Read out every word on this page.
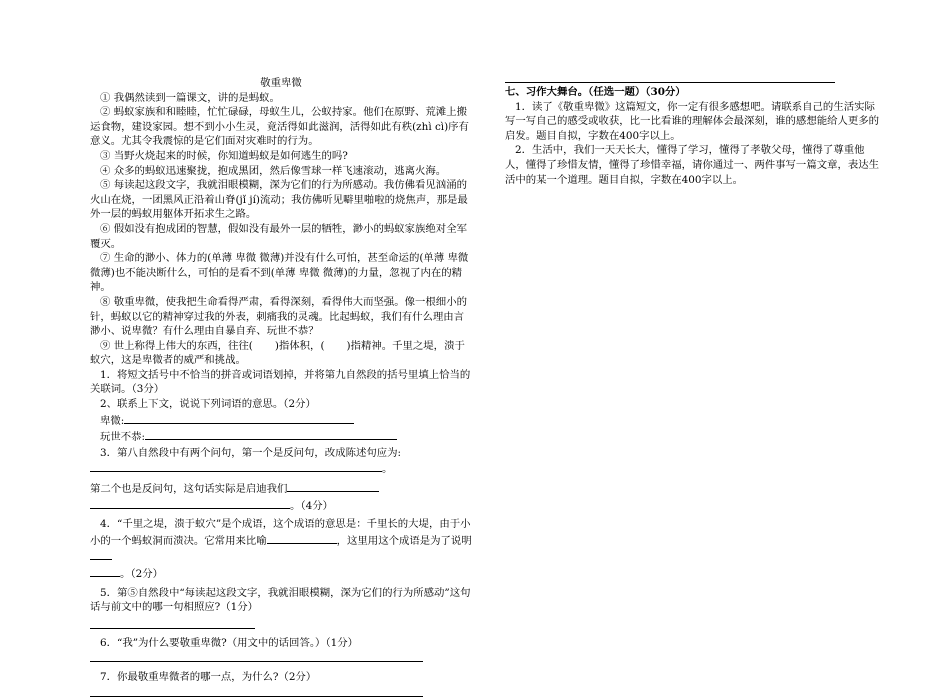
敬重卑微

① 我偶然读到一篇课文，讲的是蚂蚁。

② 蚂蚁家族和和睦睦，忙忙碌碌，母蚁生儿，公蚁持家。他们在原野、荒滩上搬运食物，建设家园。想不到小小生灵，竟活得如此滋润，活得如此有秩(zhì cì)序有意义。尤其令我震惊的是它们面对灾难时的行为。

③ 当野火烧起来的时候，你知道蚂蚁是如何逃生的吗?

④ 众多的蚂蚁迅速聚拢，抱成黑团，然后像雪球一样飞速滚动，逃离火海。

⑤ 每读起这段文字，我就泪眼模糊，深为它们的行为所感动。我仿佛看见汹涌的火山在烧，一团黑风正沿着山脊(jǐ jí)流动；我仿佛听见噼里啪啦的烧焦声，那是最外一层的蚂蚁用躯体开拓求生之路。

⑥ 假如没有抱成团的智慧，假如没有最外一层的牺牲，渺小的蚂蚁家族绝对全军覆灭。

⑦ 生命的渺小、体力的(单薄 卑微 微薄)并没有什么可怕，甚至命运的(单薄 卑微 微薄)也不能决断什么，可怕的是看不到(单薄 卑微 微薄)的力量，忽视了内在的精神。

⑧ 敬重卑微，使我把生命看得严肃，看得深刻，看得伟大而坚强。像一根细小的针，蚂蚁以它的精神穿过我的外表，刺痛我的灵魂。比起蚂蚁，我们有什么理由言渺小、说卑微？有什么理由自暴自弃、玩世不恭？

⑨ 世上称得上伟大的东西，往往( )指体积，( )指精神。千里之堤，溃于蚁穴，这是卑微者的威严和挑战。

1．将短文括号中不恰当的拼音或词语划掉，并将第九自然段的括号里填上恰当的关联词。（3分）

2、联系上下文，说说下列词语的意思。（2分）

卑微:

玩世不恭:

3．第八自然段中有两个问句，第一个是反问句，改成陈述句应为:

。

第二个也是反问句，这句话实际是启迪我们

。（4分）

4．“千里之堤，溃于蚁穴”是个成语，这个成语的意思是：千里长的大堤，由于小小的一个蚂蚁洞而溃决。它常用来比喻	，这里用这个成语是为了说明

。（2分）

5．第⑤自然段中“每读起这段文字，我就泪眼模糊，深为它们的行为所感动”这句话与前文中的哪一句相照应?（1分）

6．“我”为什么要敬重卑微?（用文中的话回答。）（1分）

7．你最敬重卑微者的哪一点，为什么?（2分）

七、习作大舞台。（任选一题）（30分）

1．读了《敬重卑微》这篇短文，你一定有很多感想吧。请联系自己的生活实际写一写自己的感受或收获，比一比看谁的理解体会最深刻，谁的感想能给人更多的启发。题目自拟，字数在400字以上。

2．生活中，我们一天天长大，懂得了学习，懂得了孝敬父母，懂得了尊重他人，懂得了珍惜友情，懂得了珍惜幸福，请你通过一、两件事写一篇文章，表达生活中的某一个道理。题目自拟，字数在400字以上。
